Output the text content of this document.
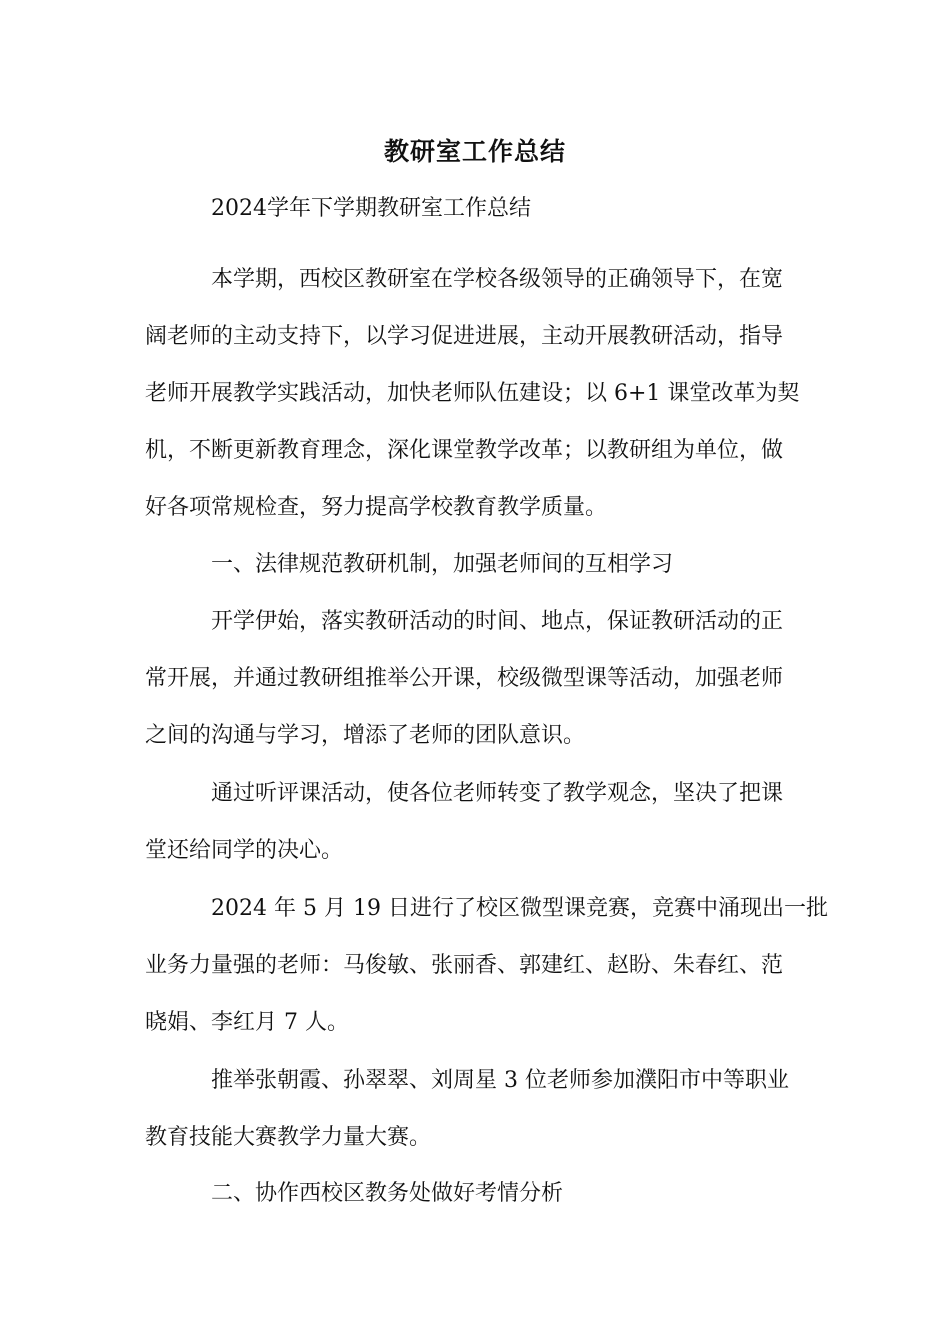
教研室工作总结
2024学年下学期教研室工作总结
本学期，西校区教研室在学校各级领导的正确领导下，在宽
阔老师的主动支持下，以学习促进进展，主动开展教研活动，指导
老师开展教学实践活动，加快老师队伍建设；以 6+1 课堂改革为契
机，不断更新教育理念，深化课堂教学改革；以教研组为单位，做
好各项常规检查，努力提高学校教育教学质量。
一、法律规范教研机制，加强老师间的互相学习
开学伊始，落实教研活动的时间、地点，保证教研活动的正
常开展，并通过教研组推举公开课，校级微型课等活动，加强老师
之间的沟通与学习，增添了老师的团队意识。
通过听评课活动，使各位老师转变了教学观念，坚决了把课
堂还给同学的决心。
2024 年 5 月 19 日进行了校区微型课竞赛，竞赛中涌现出一批
业务力量强的老师：马俊敏、张丽香、郭建红、赵盼、朱春红、范
晓娟、李红月 7 人。
推举张朝霞、孙翠翠、刘周星 3 位老师参加濮阳市中等职业
教育技能大赛教学力量大赛。
二、协作西校区教务处做好考情分析
